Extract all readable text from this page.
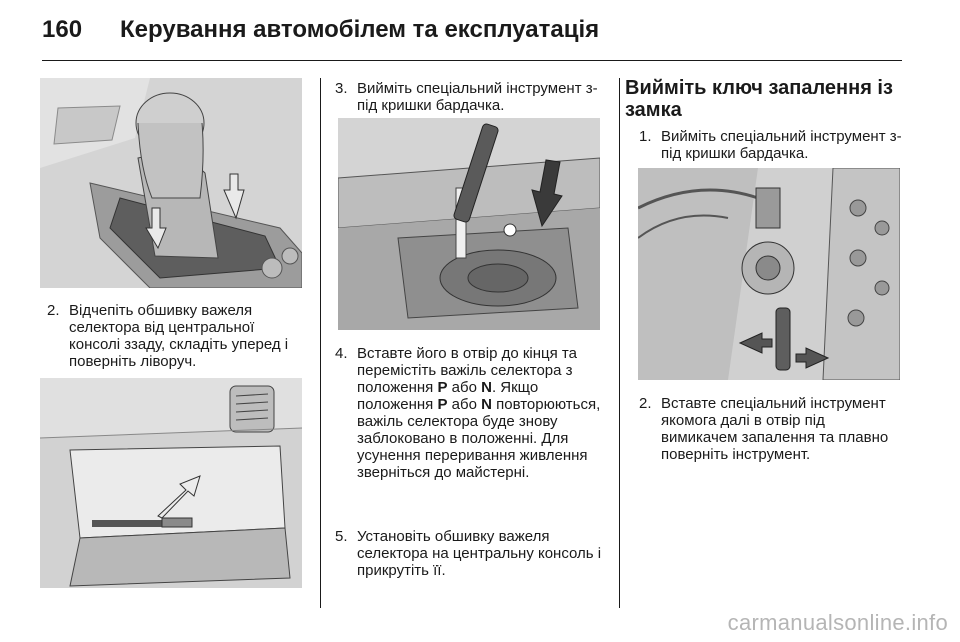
160 Керування автомобілем та експлуатація
2. Відчепіть обшивку важеля селектора від центральної консолі ззаду, складіть уперед і поверніть ліворуч.
3. Вийміть спеціальний інструмент з-під кришки бардачка.
4. Вставте його в отвір до кінця та перемістіть важіль селектора з положення P або N. Якщо положення P або N повторюються, важіль селектора буде знову заблоковано в положенні. Для усунення переривання живлення зверніться до майстерні.
5. Установіть обшивку важеля селектора на центральну консоль і прикрутіть її.
Вийміть ключ запалення із замка
1. Вийміть спеціальний інструмент з-під кришки бардачка.
2. Вставте спеціальний інструмент якомога далі в отвір під вимикачем запалення та плавно поверніть інструмент.
carmanualsonline.info
